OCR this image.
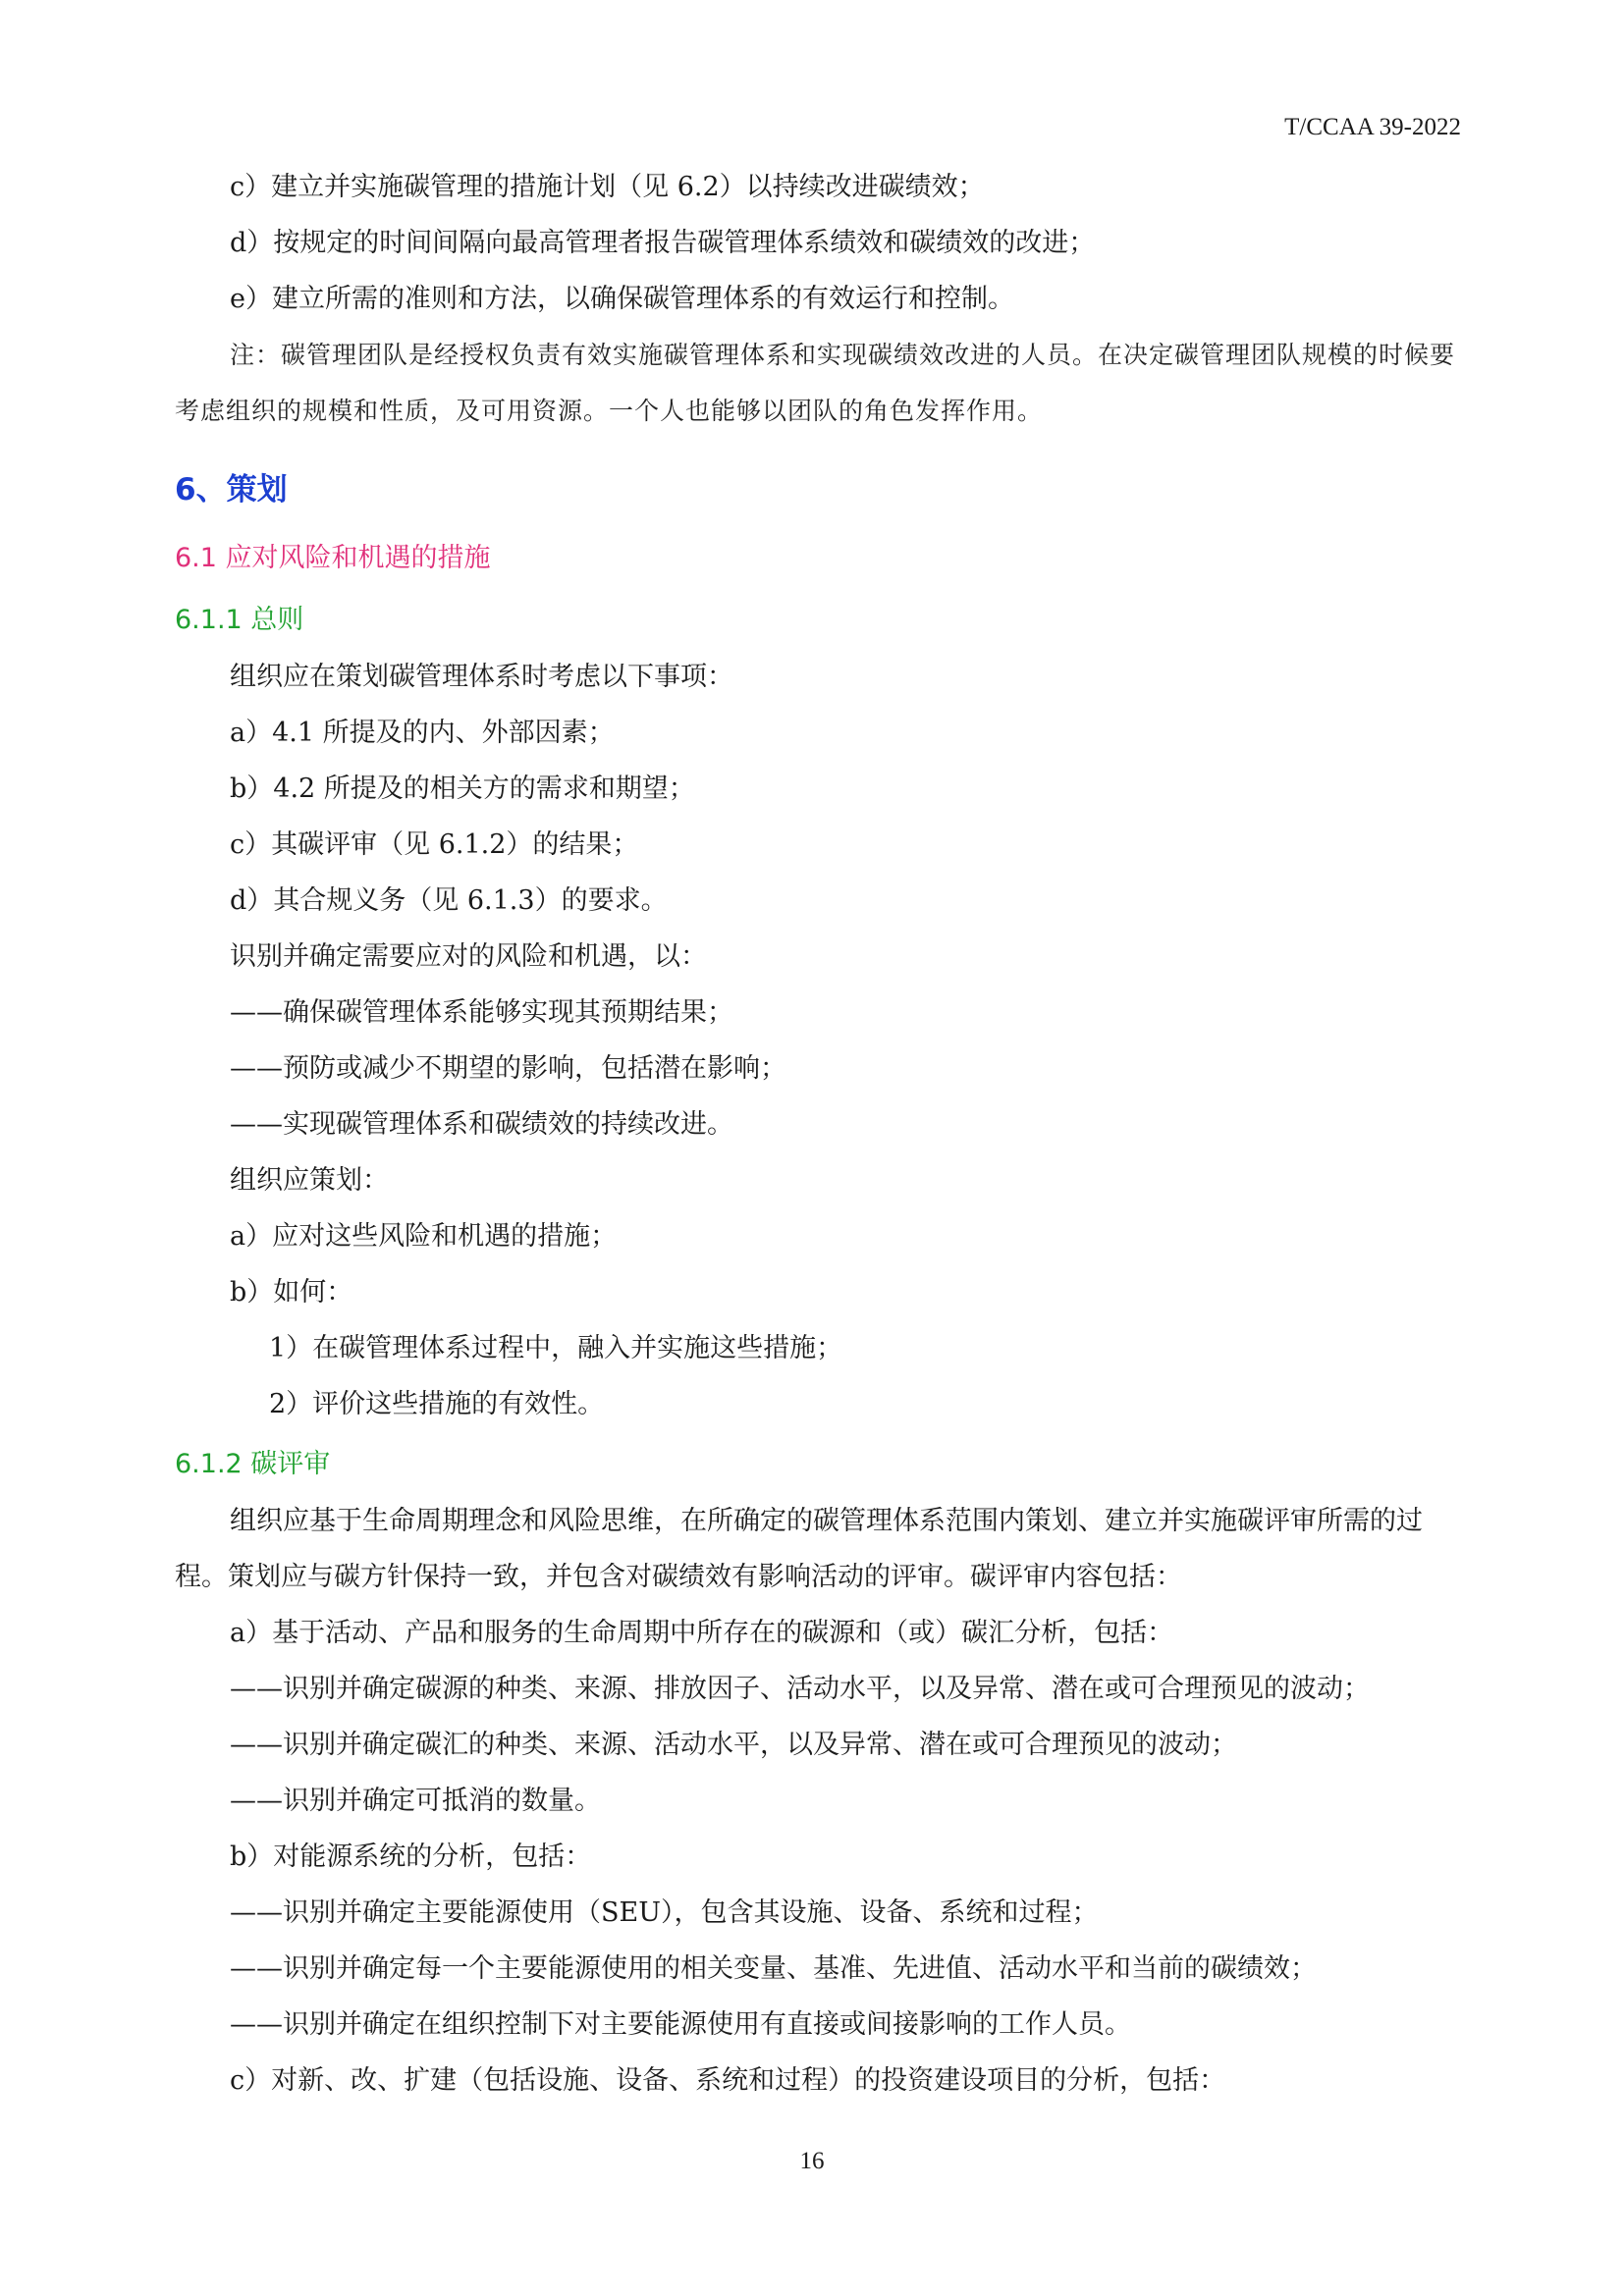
T/CCAA 39-2022
c）建立并实施碳管理的措施计划（见 6.2）以持续改进碳绩效；
d）按规定的时间间隔向最高管理者报告碳管理体系绩效和碳绩效的改进；
e）建立所需的准则和方法，以确保碳管理体系的有效运行和控制。
注：碳管理团队是经授权负责有效实施碳管理体系和实现碳绩效改进的人员。在决定碳管理团队规模的时候要考虑组织的规模和性质，及可用资源。一个人也能够以团队的角色发挥作用。
6、策划
6.1 应对风险和机遇的措施
6.1.1 总则
组织应在策划碳管理体系时考虑以下事项：
a）4.1 所提及的内、外部因素；
b）4.2 所提及的相关方的需求和期望；
c）其碳评审（见 6.1.2）的结果；
d）其合规义务（见 6.1.3）的要求。
识别并确定需要应对的风险和机遇，以：
——确保碳管理体系能够实现其预期结果；
——预防或减少不期望的影响，包括潜在影响；
——实现碳管理体系和碳绩效的持续改进。
组织应策划：
a）应对这些风险和机遇的措施；
b）如何：
1）在碳管理体系过程中，融入并实施这些措施；
2）评价这些措施的有效性。
6.1.2 碳评审
组织应基于生命周期理念和风险思维，在所确定的碳管理体系范围内策划、建立并实施碳评审所需的过程。策划应与碳方针保持一致，并包含对碳绩效有影响活动的评审。碳评审内容包括：
a）基于活动、产品和服务的生命周期中所存在的碳源和（或）碳汇分析，包括：
——识别并确定碳源的种类、来源、排放因子、活动水平，以及异常、潜在或可合理预见的波动；
——识别并确定碳汇的种类、来源、活动水平，以及异常、潜在或可合理预见的波动；
——识别并确定可抵消的数量。
b）对能源系统的分析，包括：
——识别并确定主要能源使用（SEU），包含其设施、设备、系统和过程；
——识别并确定每一个主要能源使用的相关变量、基准、先进值、活动水平和当前的碳绩效；
——识别并确定在组织控制下对主要能源使用有直接或间接影响的工作人员。
c）对新、改、扩建（包括设施、设备、系统和过程）的投资建设项目的分析，包括：
16
